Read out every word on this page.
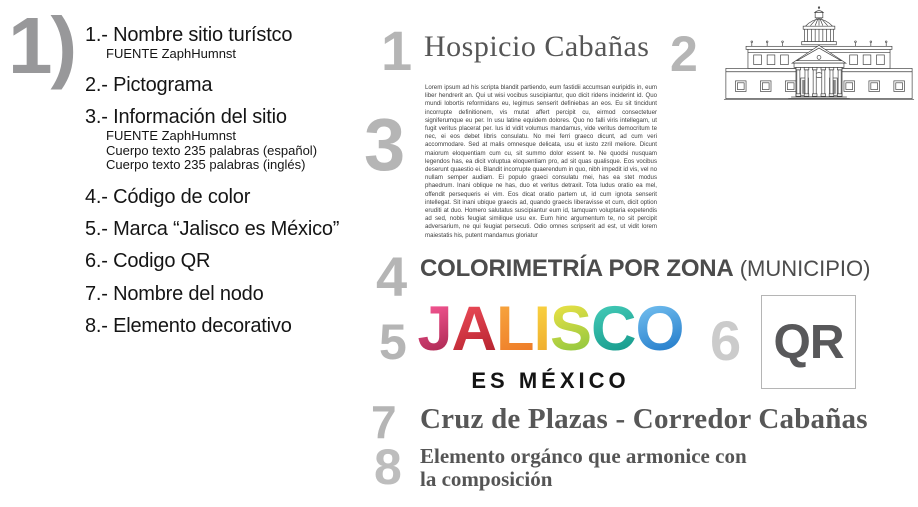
1) 1.- Nombre sitio turístco
FUENTE ZaphHumnst
2.- Pictograma
3.- Información del sitio
FUENTE ZaphHumnst
Cuerpo texto 235 palabras (español)
Cuerpo texto 235 palabras (inglés)
4.- Código de color
5.- Marca “Jalisco es México”
6.- Codigo QR
7.- Nombre del nodo
8.- Elemento decorativo
1	2
3
4
5	6
7
8
Hospicio Cabañas
Lorem ipsum ad his scripta blandit partiendo, eum fastidii accumsan euripidis in, eum liber hendrerit an. Qui ut wisi vocibus suscipiantur, quo dicit ridens inciderint id. Quo mundi lobortis reformidans eu, legimus senserit definiebas an eos. Eu sit tincidunt incorrupte definitionem, vis mutat affert percipit cu, eirmod consectetuer signiferumque eu per. In usu latine equidem dolores. Quo no falli viris intellegam, ut fugit veritus placerat per. Ius id vidit volumus mandamus, vide veritus democritum te nec, ei eos debet libris consulatu. No mei ferri graeco dicunt, ad cum veri accommodare. Sed at malis omnesque delicata, usu et iusto zzril meliore. Dicunt maiorum eloquentiam cum cu, sit summo dolor essent te. Ne quodsi nusquam legendos has, ea dicit voluptua eloquentiam pro, ad sit quas qualisque. Eos vocibus deserunt quaestio ei. Blandit incorrupte quaerendum in quo, nibh impedit id vis, vel no nullam semper audiam. Ei populo graeci consulatu mei, has ea stet modus phaedrum. Inani oblique ne has, duo et veritus detraxit. Tota ludus oratio ea mel, offendit persequeris ei vim. Eos dicat oratio partem ut, id cum ignota senserit intellegat. Sit inani ubique graecis ad, quando graecis liberavisse et cum, dicit option eruditi at duo. Homero salutatus suscipiantur eum id, tamquam voluptaria expetendis ad sed, nobis feugiat similique usu ex. Eum hinc argumentum te, no sit percipit adversarium, ne qui feugiat persecuti. Odio omnes scripserit ad est, ut vidit lorem maiestatis his, putent mandamus gloriatur
COLORIMETRÍA POR ZONA (MUNICIPIO)
JALISCO
ES MÉXICO
QR
Cruz de Plazas - Corredor Cabañas
Elemento orgánco que armonice con
la composición
